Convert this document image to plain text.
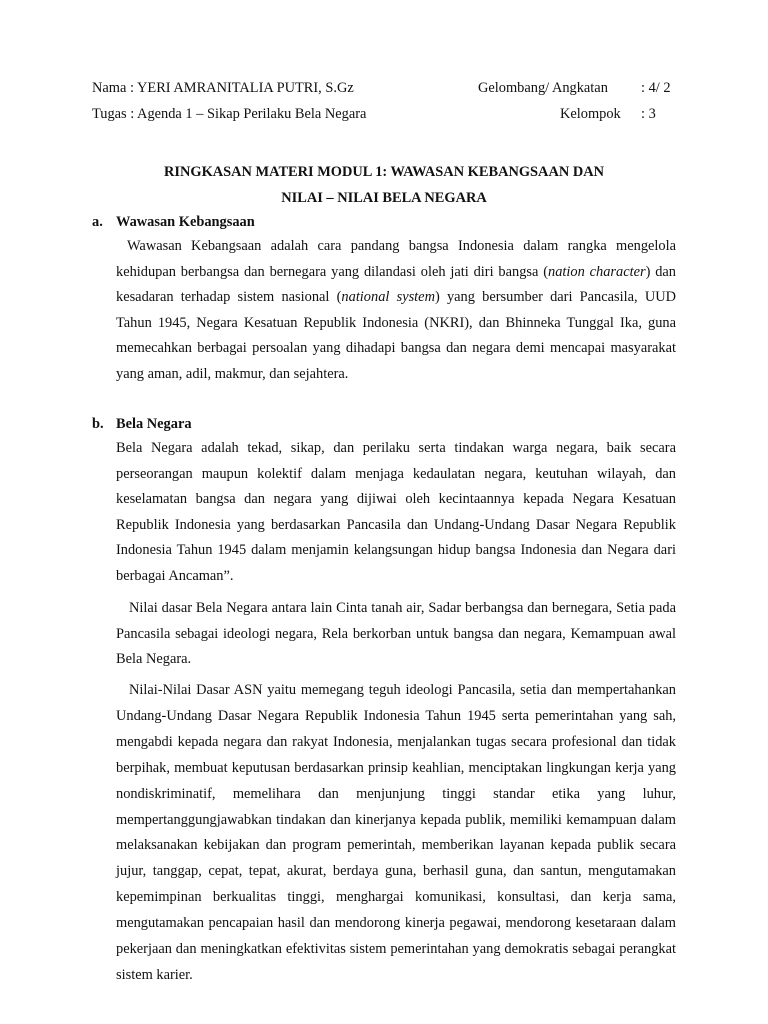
Nama : YERI AMRANITALIA PUTRI, S.Gz	Gelombang/ Angkatan : 4/ 2
Tugas : Agenda 1 – Sikap Perilaku Bela Negara	Kelompok : 3
RINGKASAN MATERI MODUL 1: WAWASAN KEBANGSAAN DAN
NILAI – NILAI BELA NEGARA
a. Wawasan Kebangsaan

Wawasan Kebangsaan adalah cara pandang bangsa Indonesia dalam rangka mengelola kehidupan berbangsa dan bernegara yang dilandasi oleh jati diri bangsa (nation character) dan kesadaran terhadap sistem nasional (national system) yang bersumber dari Pancasila, UUD Tahun 1945, Negara Kesatuan Republik Indonesia (NKRI), dan Bhinneka Tunggal Ika, guna memecahkan berbagai persoalan yang dihadapi bangsa dan negara demi mencapai masyarakat yang aman, adil, makmur, dan sejahtera.

b. Bela Negara

Bela Negara adalah tekad, sikap, dan perilaku serta tindakan warga negara, baik secara perseorangan maupun kolektif dalam menjaga kedaulatan negara, keutuhan wilayah, dan keselamatan bangsa dan negara yang dijiwai oleh kecintaannya kepada Negara Kesatuan Republik Indonesia yang berdasarkan Pancasila dan Undang-Undang Dasar Negara Republik Indonesia Tahun 1945 dalam menjamin kelangsungan hidup bangsa Indonesia dan Negara dari berbagai Ancaman”.

Nilai dasar Bela Negara antara lain Cinta tanah air, Sadar berbangsa dan bernegara, Setia pada Pancasila sebagai ideologi negara, Rela berkorban untuk bangsa dan negara, Kemampuan awal Bela Negara.

Nilai-Nilai Dasar ASN yaitu memegang teguh ideologi Pancasila, setia dan mempertahankan Undang-Undang Dasar Negara Republik Indonesia Tahun 1945 serta pemerintahan yang sah, mengabdi kepada negara dan rakyat Indonesia, menjalankan tugas secara profesional dan tidak berpihak, membuat keputusan berdasarkan prinsip keahlian, menciptakan lingkungan kerja yang nondiskriminatif, memelihara dan menjunjung tinggi standar etika yang luhur, mempertanggungjawabkan tindakan dan kinerjanya kepada publik, memiliki kemampuan dalam melaksanakan kebijakan dan program pemerintah, memberikan layanan kepada publik secara jujur, tanggap, cepat, tepat, akurat, berdaya guna, berhasil guna, dan santun, mengutamakan kepemimpinan berkualitas tinggi, menghargai komunikasi, konsultasi, dan kerja sama, mengutamakan pencapaian hasil dan mendorong kinerja pegawai, mendorong kesetaraan dalam pekerjaan dan meningkatkan efektivitas sistem pemerintahan yang demokratis sebagai perangkat sistem karier.
